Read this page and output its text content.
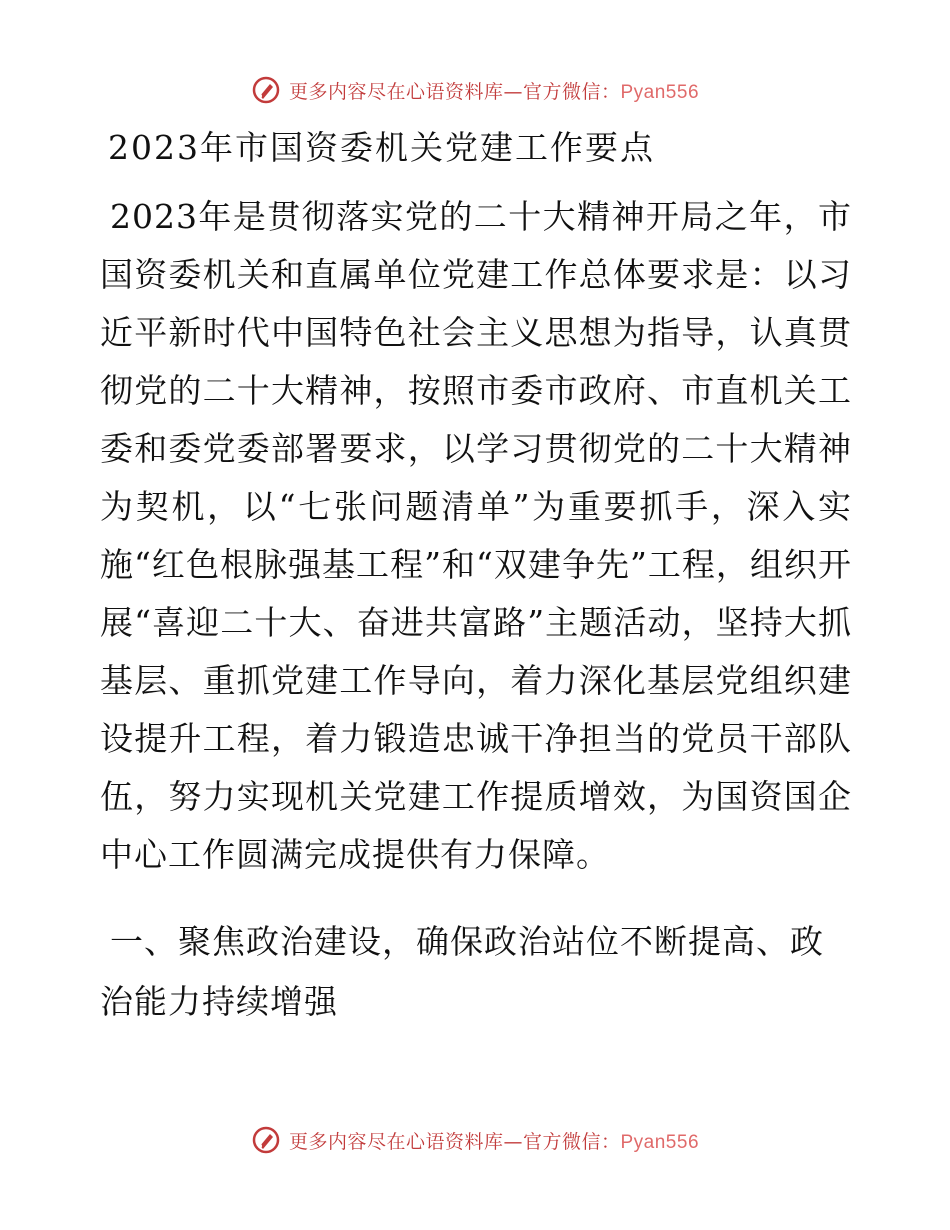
更多内容尽在心语资料库—官方微信：Pyan556
2023年市国资委机关党建工作要点
2023年是贯彻落实党的二十大精神开局之年，市国资委机关和直属单位党建工作总体要求是：以习近平新时代中国特色社会主义思想为指导，认真贯彻党的二十大精神，按照市委市政府、市直机关工委和委党委部署要求，以学习贯彻党的二十大精神为契机，以“七张问题清单”为重要抓手，深入实施“红色根脉强基工程”和“双建争先”工程，组织开展“喜迎二十大、奋进共富路”主题活动，坚持大抓基层、重抓党建工作导向，着力深化基层党组织建设提升工程，着力锻造忠诚干净担当的党员干部队伍，努力实现机关党建工作提质增效，为国资国企中心工作圆满完成提供有力保障。
一、聚焦政治建设，确保政治站位不断提高、政治能力持续增强
更多内容尽在心语资料库—官方微信：Pyan556
